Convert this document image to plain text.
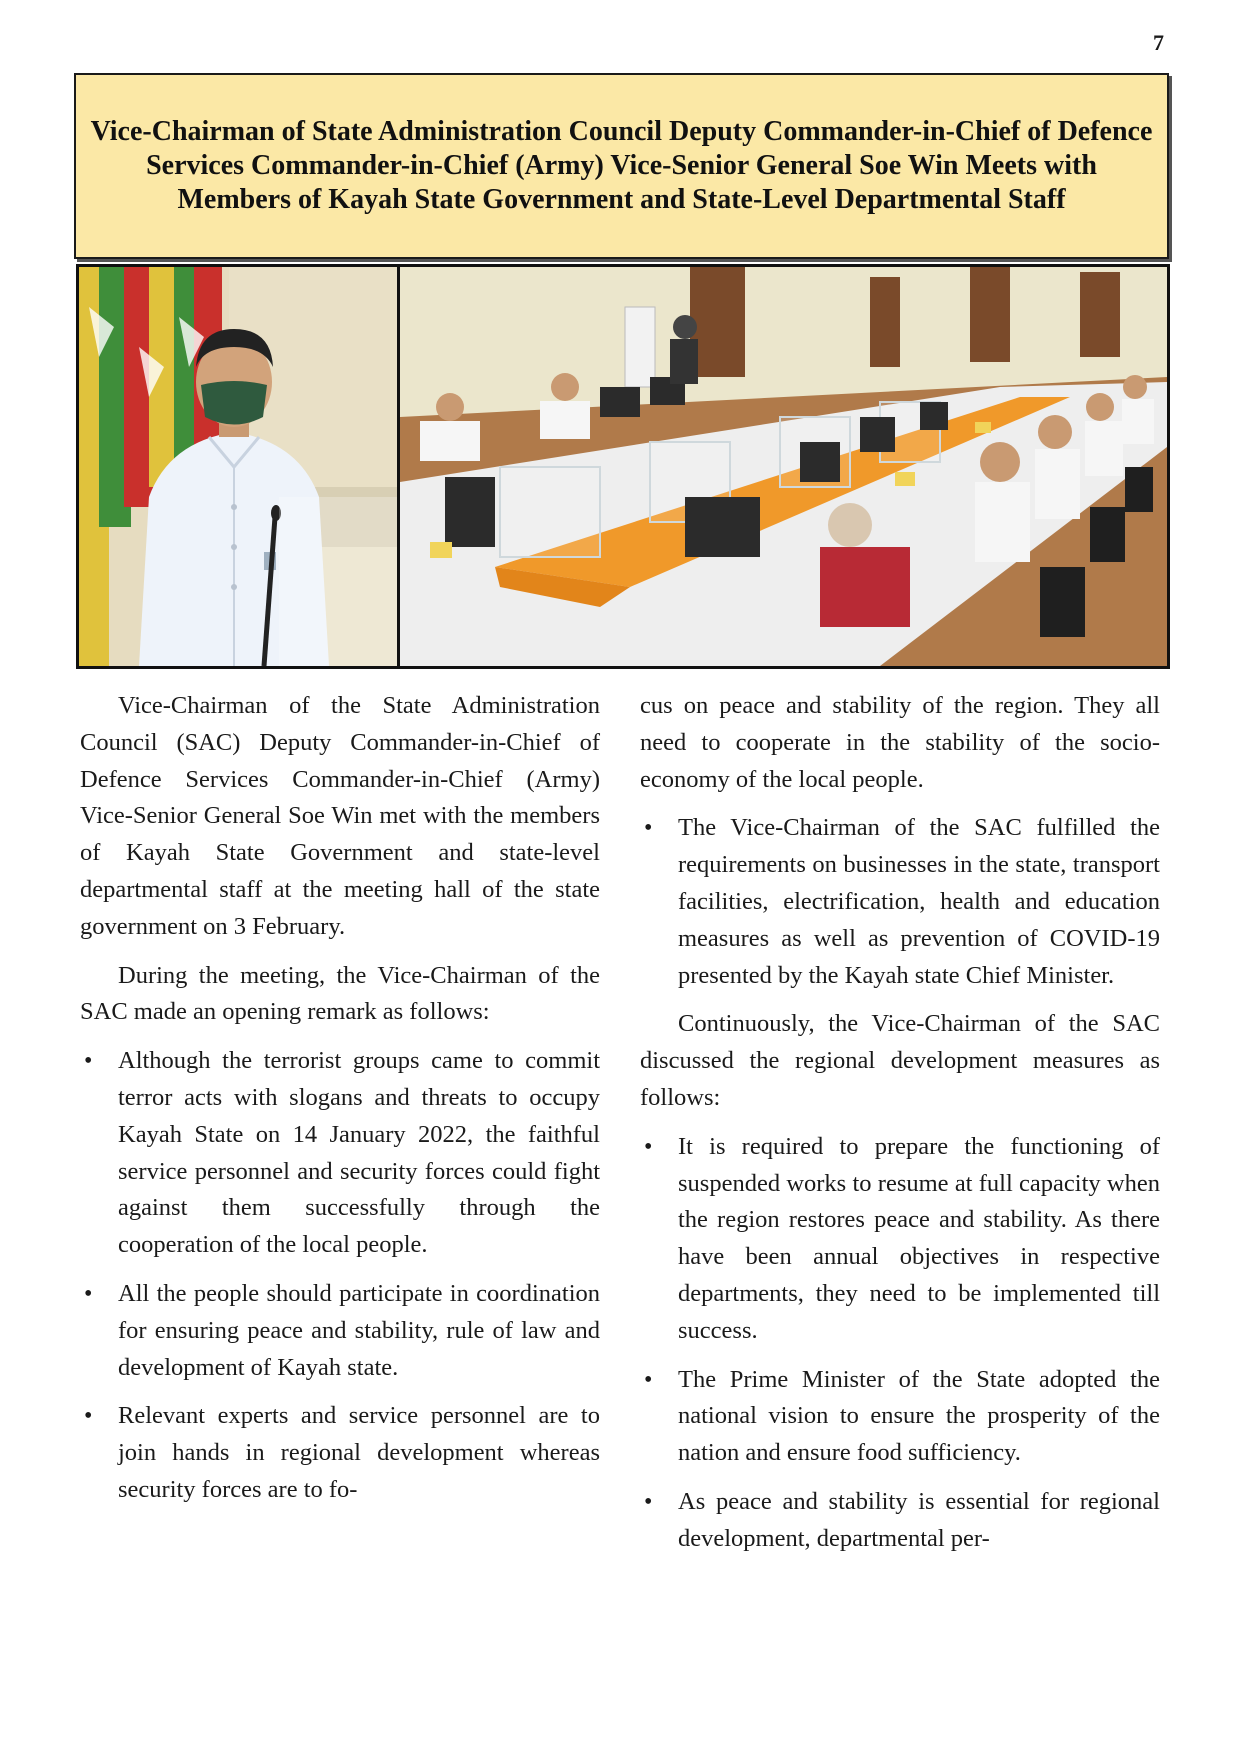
7
Vice-Chairman of State Administration Council Deputy Commander-in-Chief of Defence Services Commander-in-Chief (Army) Vice-Senior General Soe Win Meets with Members of Kayah State Government and State-Level Departmental Staff

Vice-Chairman of the State Administration Council (SAC) Deputy Commander-in-Chief of Defence Services Commander-in-Chief (Army) Vice-Senior General Soe Win met with the members of Kayah State Government and state-level departmental staff at the meeting hall of the state government on 3 February.

During the meeting, the Vice-Chairman of the SAC made an opening remark as follows:

• Although the terrorist groups came to commit terror acts with slogans and threats to occupy Kayah State on 14 January 2022, the faithful service personnel and security forces could fight against them successfully through the cooperation of the local people.
• All the people should participate in coordination for ensuring peace and stability, rule of law and development of Kayah state.
• Relevant experts and service personnel are to join hands in regional development whereas security forces are to fo-

cus on peace and stability of the region. They all need to cooperate in the stability of the socio-economy of the local people.

• The Vice-Chairman of the SAC fulfilled the requirements on businesses in the state, transport facilities, electrification, health and education measures as well as prevention of COVID-19 presented by the Kayah state Chief Minister.

Continuously, the Vice-Chairman of the SAC discussed the regional development measures as follows:

• It is required to prepare the functioning of suspended works to resume at full capacity when the region restores peace and stability. As there have been annual objectives in respective departments, they need to be implemented till success.
• The Prime Minister of the State adopted the national vision to ensure the prosperity of the nation and ensure food sufficiency.
• As peace and stability is essential for regional development, departmental per-
